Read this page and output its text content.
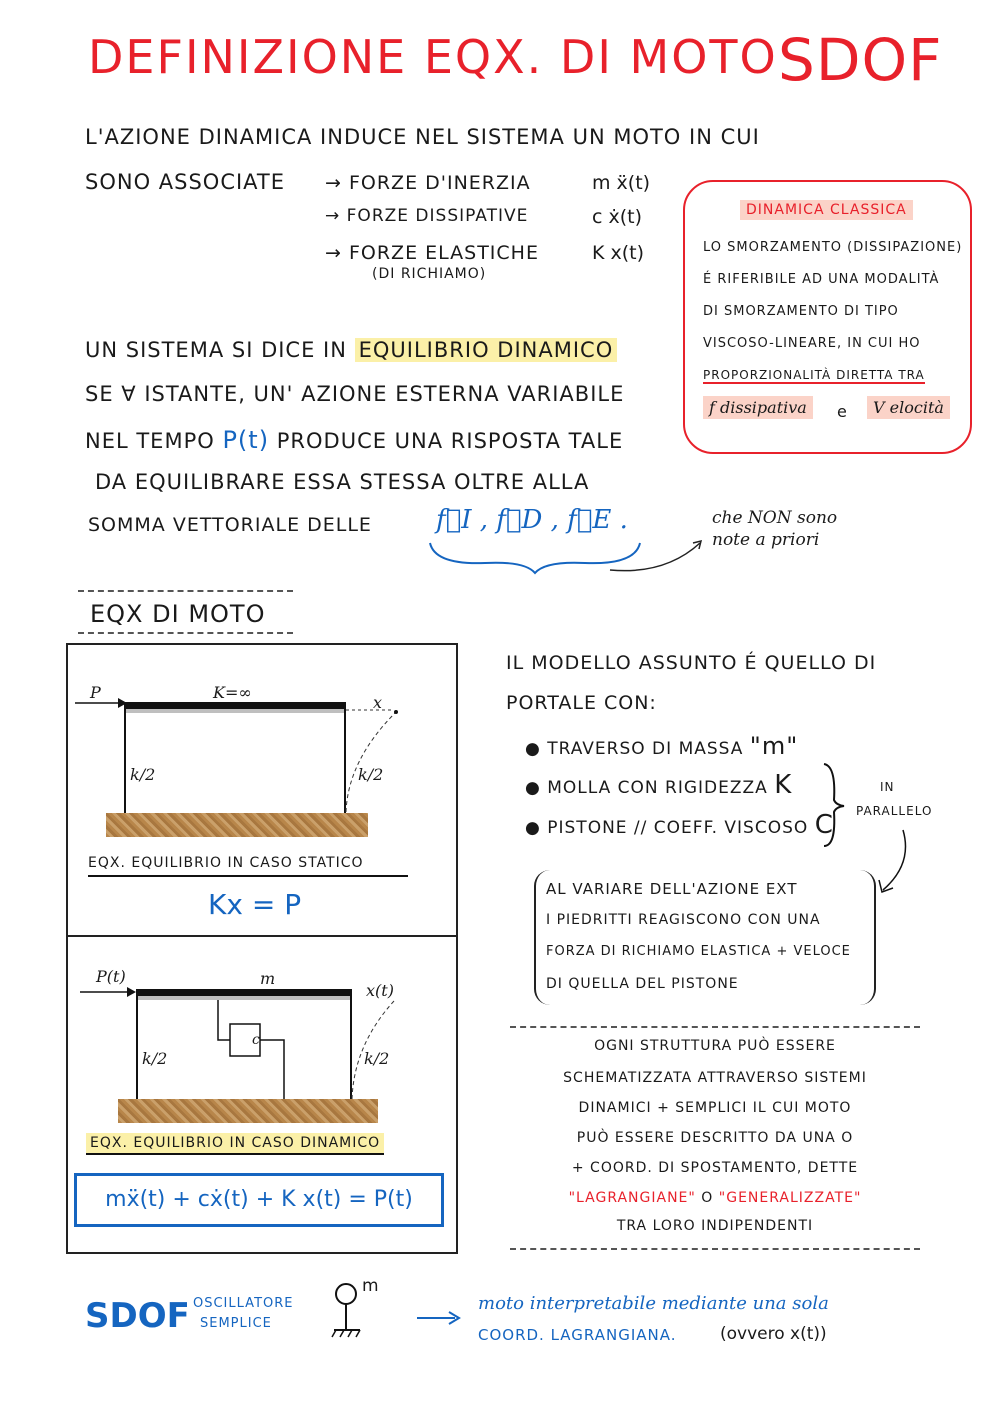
DEFINIZIONE EQX. DI MOTO SDOF
L'AZIONE DINAMICA INDUCE NEL SISTEMA UN MOTO IN CUI
SONO ASSOCIATE → FORZE D'INERZIA	m ẍ(t)
→ FORZE DISSIPATIVE	c ẋ(t)
→ FORZE ELASTICHE	K x(t)
(DI RICHIAMO)
DINAMICA CLASSICA
LO SMORZAMENTO (DISSIPAZIONE)
É RIFERIBILE AD UNA MODALITÀ
DI SMORZAMENTO DI TIPO
VISCOSO-LINEARE, IN CUI HO
PROPORZIONALITÀ DIRETTA TRA
f dissipativa	e	V elocità
UN SISTEMA SI DICE IN EQUILIBRIO DINAMICO
SE ∀ ISTANTE, UN' AZIONE ESTERNA VARIABILE
NEL TEMPO P(t) PRODUCE UNA RISPOSTA TALE
DA EQUILIBRARE ESSA STESSA OLTRE ALLA
SOMMA VETTORIALE DELLE f⃗I , f⃗D , f⃗E .	che NON sono
note a priori
EQX DI MOTO
P	K=∞
x
k/2	k/2
EQX. EQUILIBRIO IN CASO STATICO
Kx = P
P(t)	m
c
x(t)
k/2	k/2
EQX. EQUILIBRIO IN CASO DINAMICO
mẍ(t) + cẋ(t) + K x(t) = P(t)
IL MODELLO ASSUNTO É QUELLO DI
PORTALE CON:
● TRAVERSO DI MASSA "m"
● MOLLA CON RIGIDEZZA K
● PISTONE // COEFF. VISCOSO C
IN
PARALLELO
AL VARIARE DELL'AZIONE EXT
I PIEDRITTI REAGISCONO CON UNA
FORZA DI RICHIAMO ELASTICA + VELOCE
DI QUELLA DEL PISTONE
OGNI STRUTTURA PUÒ ESSERE
SCHEMATIZZATA ATTRAVERSO SISTEMI
DINAMICI + SEMPLICI IL CUI MOTO
PUÒ ESSERE DESCRITTO DA UNA O
+ COORD. DI SPOSTAMENTO, DETTE
"LAGRANGIANE" O "GENERALIZZATE"
TRA LORO INDIPENDENTI
SDOF OSCILLATORE
SEMPLICE
m
moto interpretabile mediante una sola
COORD. LAGRANGIANA.	(ovvero x(t))
